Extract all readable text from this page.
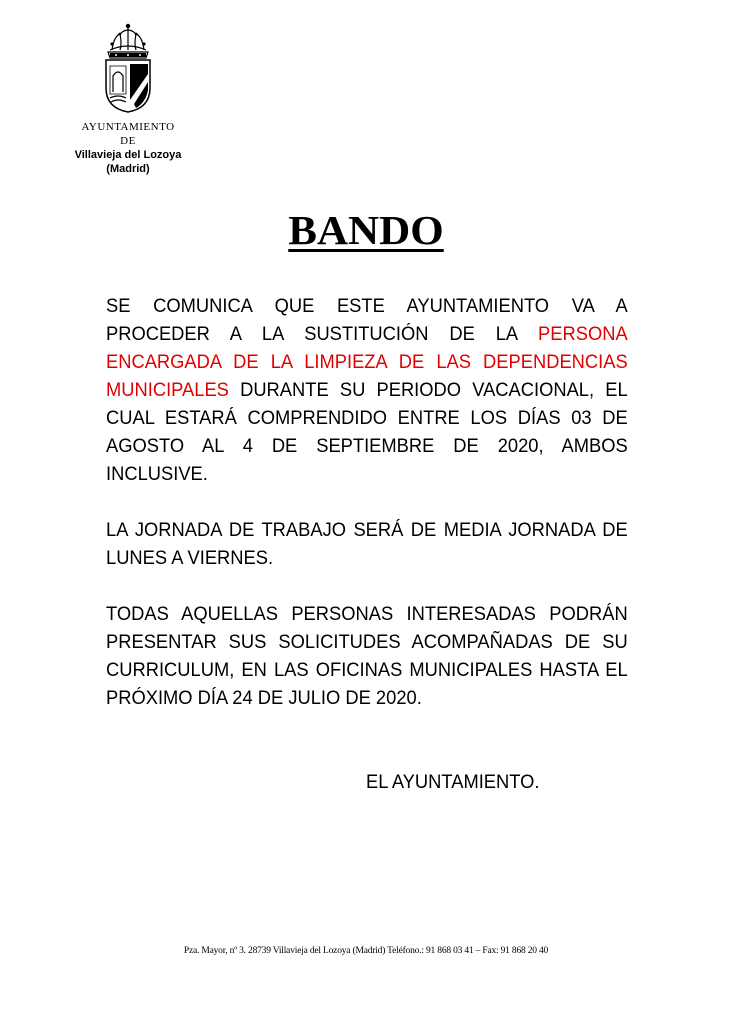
AYUNTAMIENTO
DE
Villavieja del Lozoya
(Madrid)
BANDO

SE COMUNICA QUE ESTE AYUNTAMIENTO VA A PROCEDER A LA SUSTITUCIÓN DE LA PERSONA ENCARGADA DE LA LIMPIEZA DE LAS DEPENDENCIAS MUNICIPALES DURANTE SU PERIODO VACACIONAL, EL CUAL ESTARÁ COMPRENDIDO ENTRE LOS DÍAS 03 DE AGOSTO AL 4 DE SEPTIEMBRE DE 2020, AMBOS INCLUSIVE.

LA JORNADA DE TRABAJO SERÁ DE MEDIA JORNADA DE LUNES A VIERNES.

TODAS AQUELLAS PERSONAS INTERESADAS PODRÁN PRESENTAR SUS SOLICITUDES ACOMPAÑADAS DE SU CURRICULUM, EN LAS OFICINAS MUNICIPALES HASTA EL PRÓXIMO DÍA 24 DE JULIO DE 2020.

EL AYUNTAMIENTO.
Pza. Mayor, nº 3. 28739 Villavieja del Lozoya (Madrid) Teléfono.: 91 868 03 41 – Fax: 91 868 20 40
